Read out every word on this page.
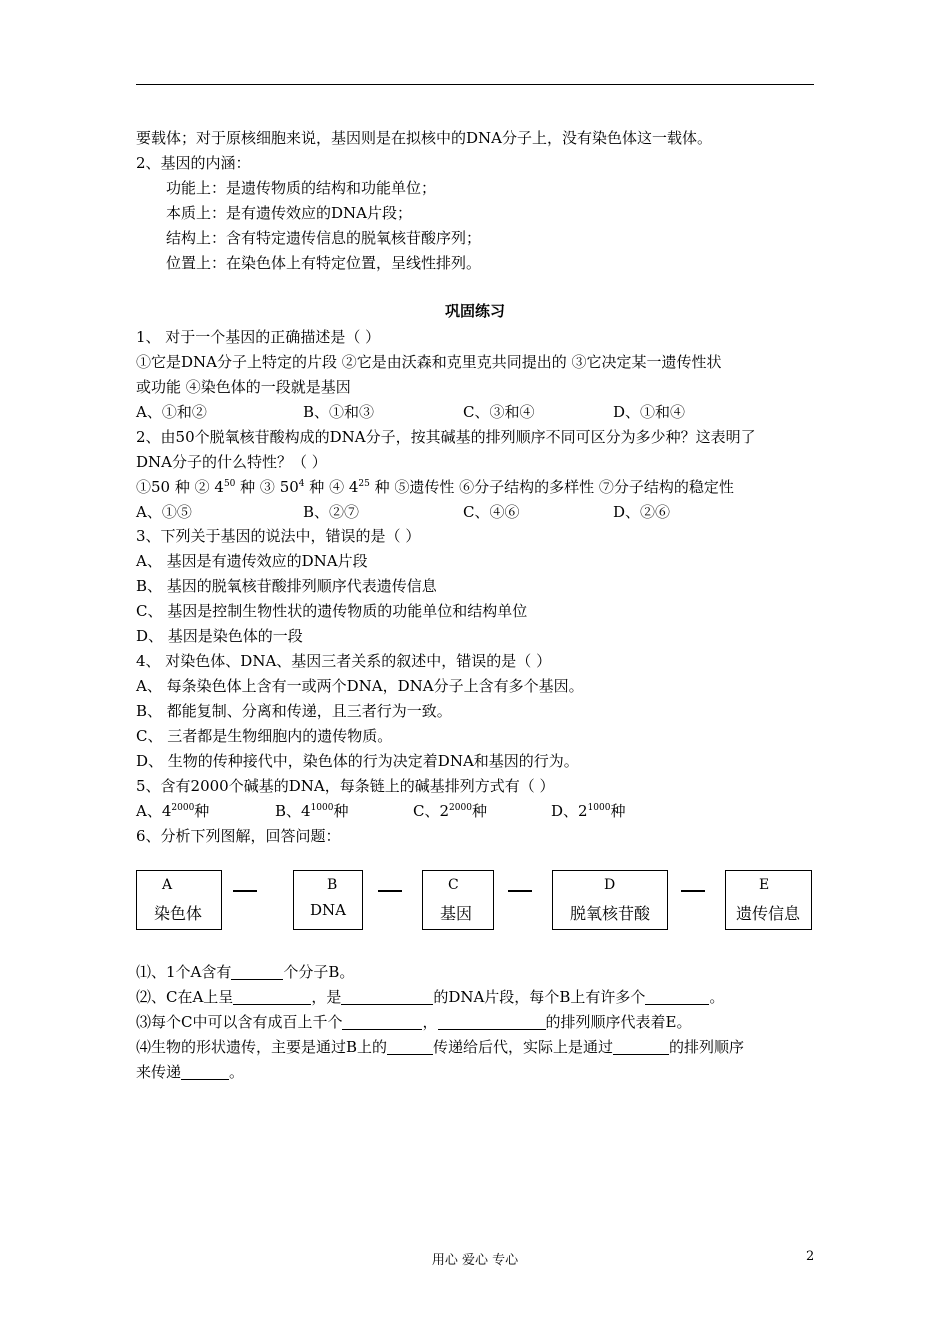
要载体；对于原核细胞来说，基因则是在拟核中的DNA分子上，没有染色体这一载体。
2、基因的内涵：
功能上：是遗传物质的结构和功能单位；
本质上：是有遗传效应的DNA片段；
结构上：含有特定遗传信息的脱氧核苷酸序列；
位置上：在染色体上有特定位置，呈线性排列。
巩固练习
1、 对于一个基因的正确描述是（ ）
①它是DNA分子上特定的片段 ②它是由沃森和克里克共同提出的 ③它决定某一遗传性状
或功能 ④染色体的一段就是基因
A、①和②	B、①和③	C、③和④	D、①和④
2、由50个脱氧核苷酸构成的DNA分子，按其碱基的排列顺序不同可区分为多少种？这表明了
DNA分子的什么特性？（ ）
①50 种 ② $4^{50}$ 种 ③ $50^4$ 种 ④ $4^{25}$ 种 ⑤遗传性 ⑥分子结构的多样性 ⑦分子结构的稳定性
A、①⑤	B、②⑦	C、④⑥	D、②⑥
3、下列关于基因的说法中，错误的是（ ）
A、 基因是有遗传效应的DNA片段
B、 基因的脱氧核苷酸排列顺序代表遗传信息
C、 基因是控制生物性状的遗传物质的功能单位和结构单位
D、 基因是染色体的一段
4、 对染色体、DNA、基因三者关系的叙述中，错误的是（ ）
A、 每条染色体上含有一或两个DNA，DNA分子上含有多个基因。
B、 都能复制、分离和传递，且三者行为一致。
C、 三者都是生物细胞内的遗传物质。
D、 生物的传种接代中，染色体的行为决定着DNA和基因的行为。
5、含有2000个碱基的DNA，每条链上的碱基排列方式有（ ）
A、$4^{2000}$种	B、$4^{1000}$种	C、$2^{2000}$种	D、$2^{1000}$种
6、分析下列图解，回答问题：
A
染色体
B
DNA
C
基因
D
脱氧核苷酸
E
遗传信息
⑴、1个A含有	个分子B。
⑵、C在A上呈	，是	的DNA片段，每个B上有许多个	。
⑶每个C中可以含有成百上千个	，	的排列顺序代表着E。
⑷生物的形状遗传，主要是通过B上的	传递给后代，实际上是通过	的排列顺序
来传递	。
用心 爱心 专心	2
